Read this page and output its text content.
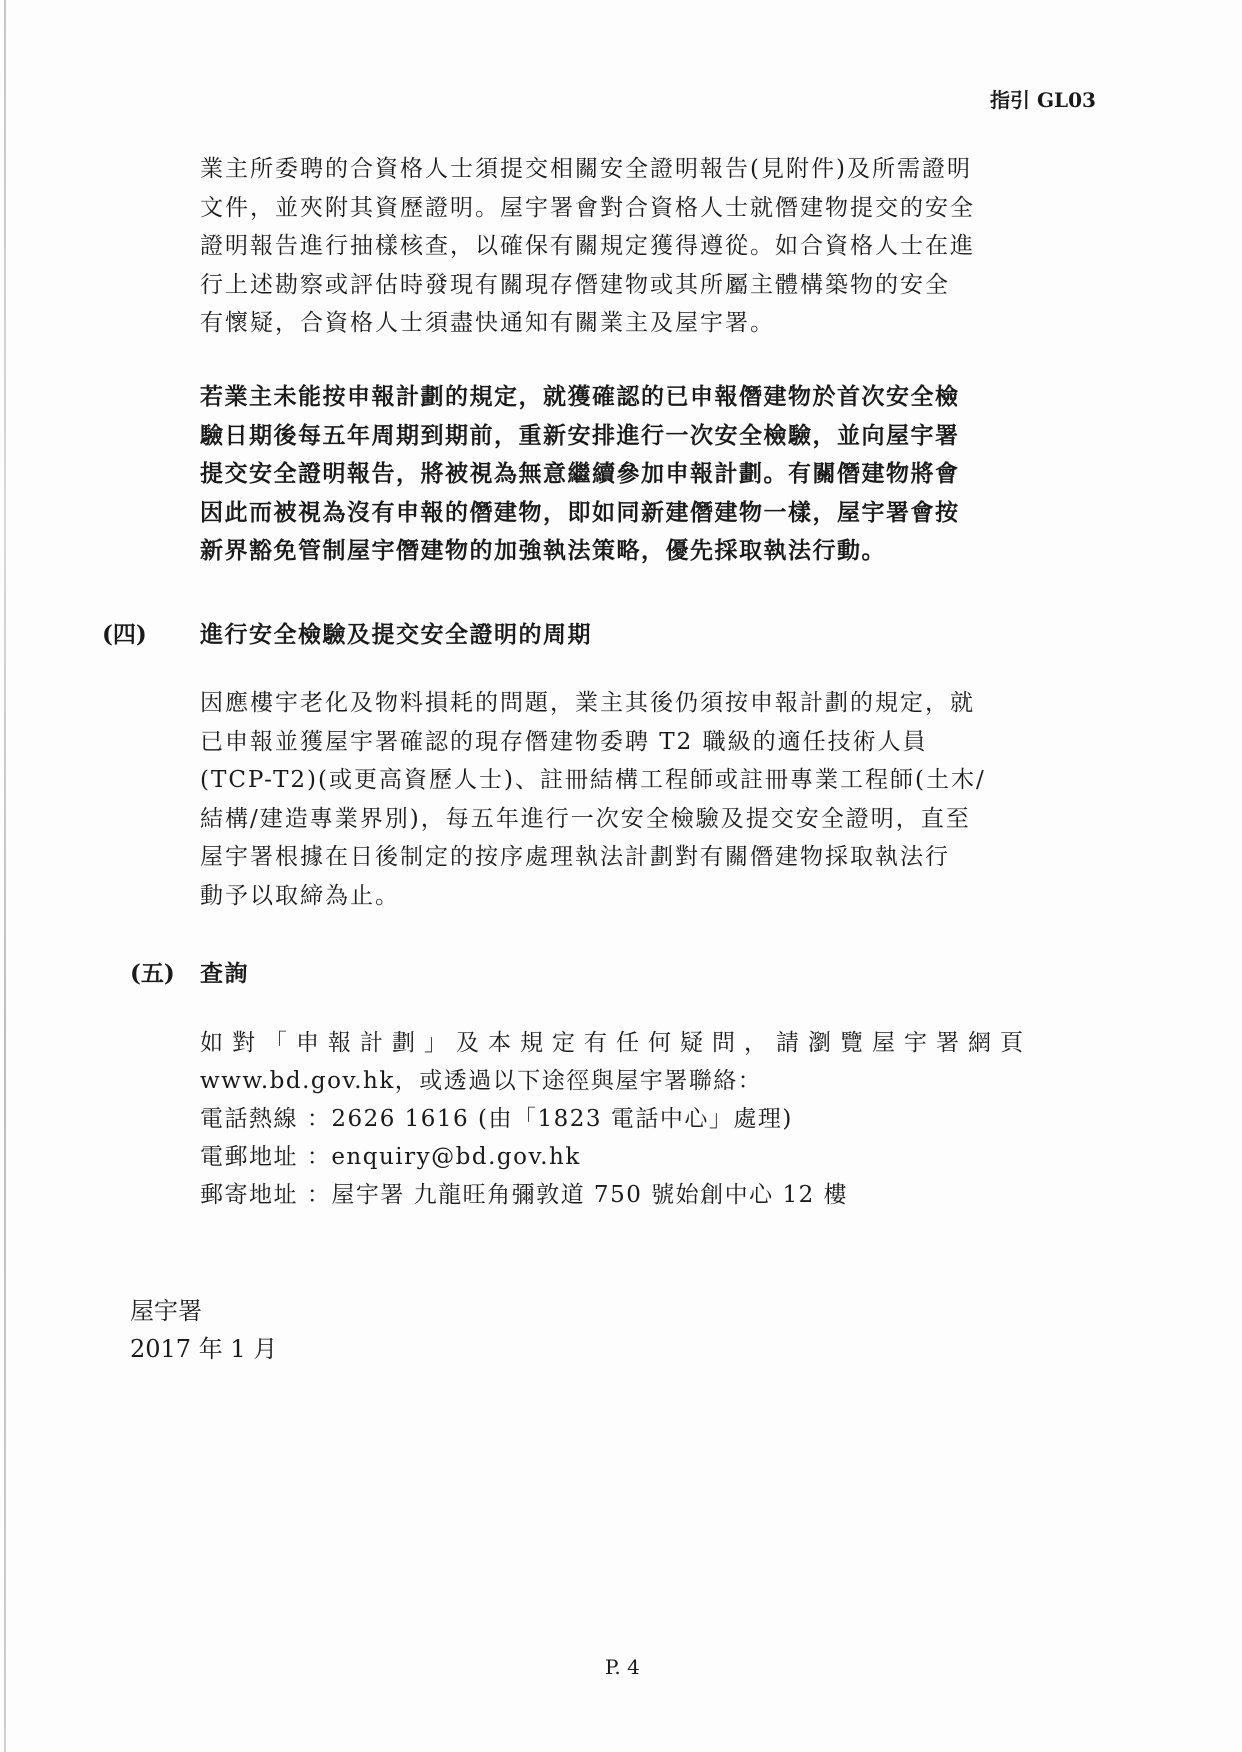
指引 GL03

業主所委聘的合資格人士須提交相關安全證明報告(見附件)及所需證明
文件，並夾附其資歷證明。屋宇署會對合資格人士就僭建物提交的安全
證明報告進行抽樣核查，以確保有關規定獲得遵從。如合資格人士在進
行上述勘察或評估時發現有關現存僭建物或其所屬主體構築物的安全
有懷疑，合資格人士須盡快通知有關業主及屋宇署。

若業主未能按申報計劃的規定，就獲確認的已申報僭建物於首次安全檢
驗日期後每五年周期到期前，重新安排進行一次安全檢驗，並向屋宇署
提交安全證明報告，將被視為無意繼續參加申報計劃。有關僭建物將會
因此而被視為沒有申報的僭建物，即如同新建僭建物一樣，屋宇署會按
新界豁免管制屋宇僭建物的加強執法策略，優先採取執法行動。

(四) 進行安全檢驗及提交安全證明的周期

因應樓宇老化及物料損耗的問題，業主其後仍須按申報計劃的規定，就
已申報並獲屋宇署確認的現存僭建物委聘 T2 職級的適任技術人員
(TCP-T2)(或更高資歷人士)、註冊結構工程師或註冊專業工程師(土木/
結構/建造專業界別)，每五年進行一次安全檢驗及提交安全證明，直至
屋宇署根據在日後制定的按序處理執法計劃對有關僭建物採取執法行
動予以取締為止。

(五) 查詢
如對「申報計劃」及本規定有任何疑問，請瀏覽屋宇署網頁
www.bd.gov.hk，或透過以下途徑與屋宇署聯絡：
電話熱線 ：2626 1616 (由「1823 電話中心」處理)
電郵地址 ：enquiry@bd.gov.hk
郵寄地址 ：屋宇署 九龍旺角彌敦道 750 號始創中心 12 樓
屋宇署
2017 年 1 月
P. 4
